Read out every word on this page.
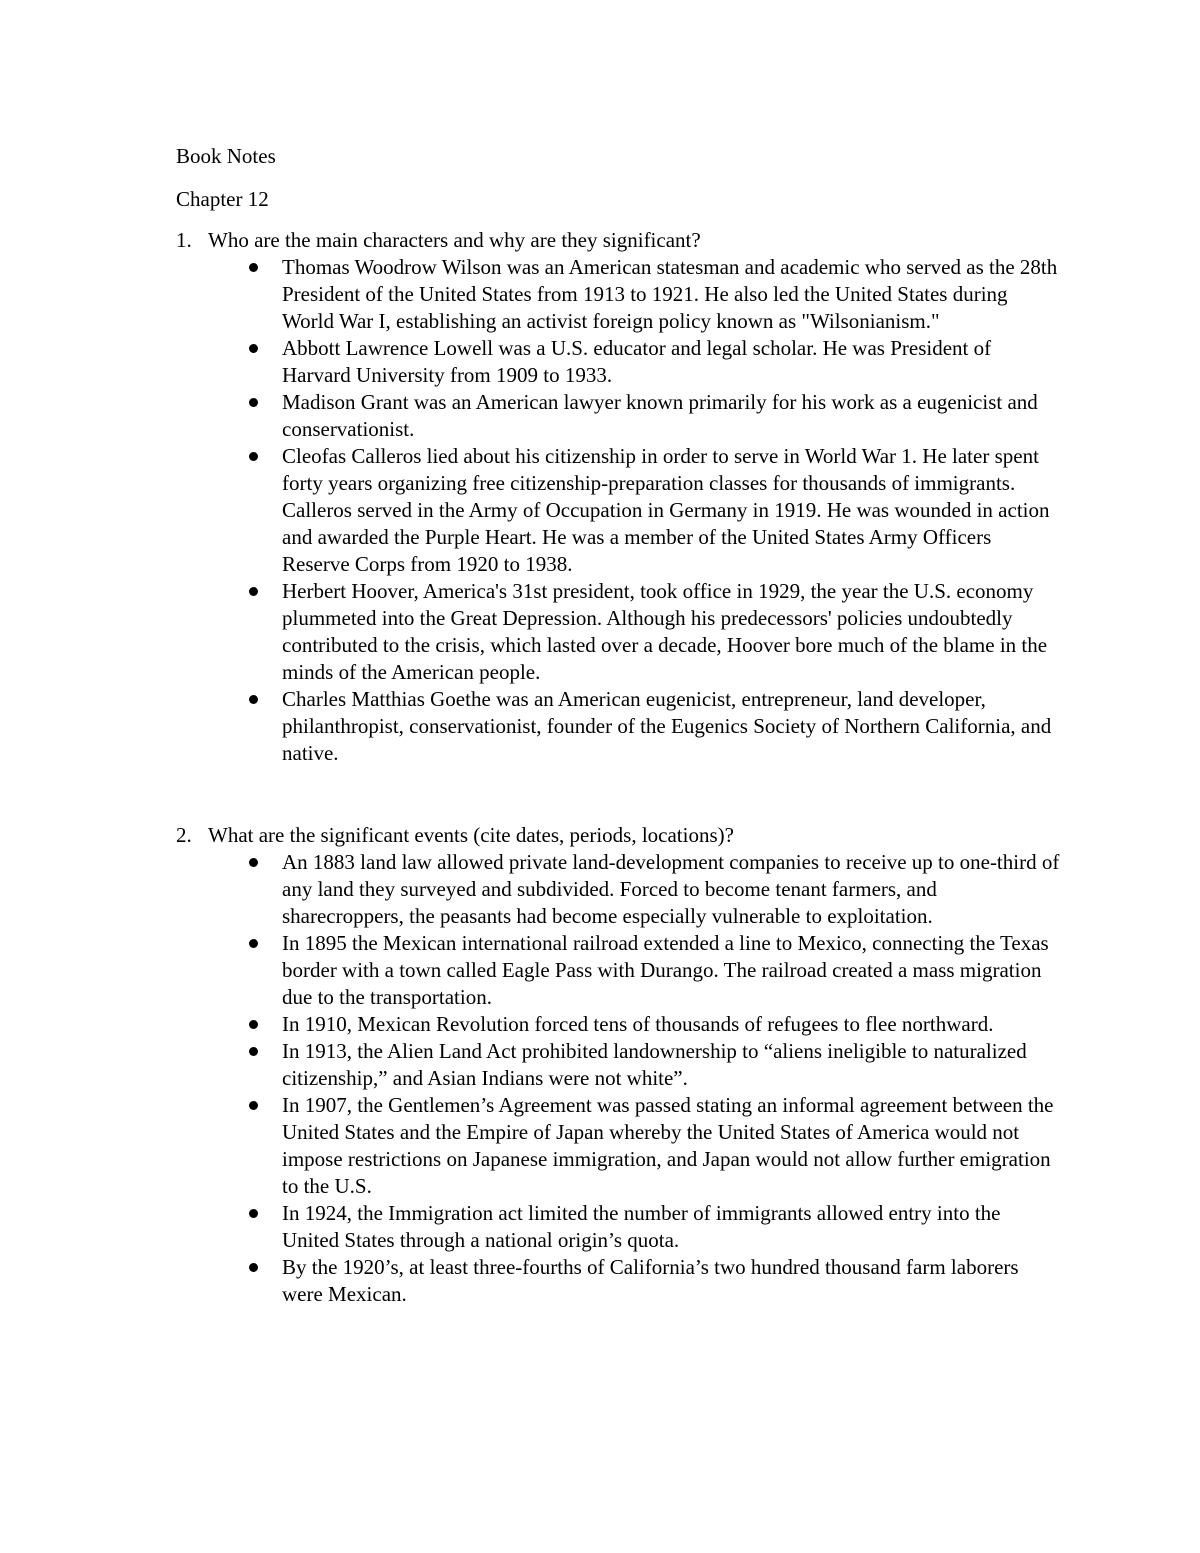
Book Notes
Chapter 12
1. Who are the main characters and why are they significant?
Thomas Woodrow Wilson was an American statesman and academic who served as the 28th President of the United States from 1913 to 1921. He also led the United States during World War I, establishing an activist foreign policy known as "Wilsonianism."
Abbott Lawrence Lowell was a U.S. educator and legal scholar. He was President of Harvard University from 1909 to 1933.
Madison Grant was an American lawyer known primarily for his work as a eugenicist and conservationist.
Cleofas Calleros lied about his citizenship in order to serve in World War 1. He later spent forty years organizing free citizenship-preparation classes for thousands of immigrants. Calleros served in the Army of Occupation in Germany in 1919. He was wounded in action and awarded the Purple Heart. He was a member of the United States Army Officers Reserve Corps from 1920 to 1938.
Herbert Hoover, America's 31st president, took office in 1929, the year the U.S. economy plummeted into the Great Depression. Although his predecessors' policies undoubtedly contributed to the crisis, which lasted over a decade, Hoover bore much of the blame in the minds of the American people.
Charles Matthias Goethe was an American eugenicist, entrepreneur, land developer, philanthropist, conservationist, founder of the Eugenics Society of Northern California, and native.
2. What are the significant events (cite dates, periods, locations)?
An 1883 land law allowed private land-development companies to receive up to one-third of any land they surveyed and subdivided. Forced to become tenant farmers, and sharecroppers, the peasants had become especially vulnerable to exploitation.
In 1895 the Mexican international railroad extended a line to Mexico, connecting the Texas border with a town called Eagle Pass with Durango. The railroad created a mass migration due to the transportation.
In 1910, Mexican Revolution forced tens of thousands of refugees to flee northward.
In 1913, the Alien Land Act prohibited landownership to “aliens ineligible to naturalized citizenship,” and Asian Indians were not white”.
In 1907, the Gentlemen’s Agreement was passed stating an informal agreement between the United States and the Empire of Japan whereby the United States of America would not impose restrictions on Japanese immigration, and Japan would not allow further emigration to the U.S.
In 1924, the Immigration act limited the number of immigrants allowed entry into the United States through a national origin’s quota.
By the 1920’s, at least three-fourths of California’s two hundred thousand farm laborers were Mexican.
